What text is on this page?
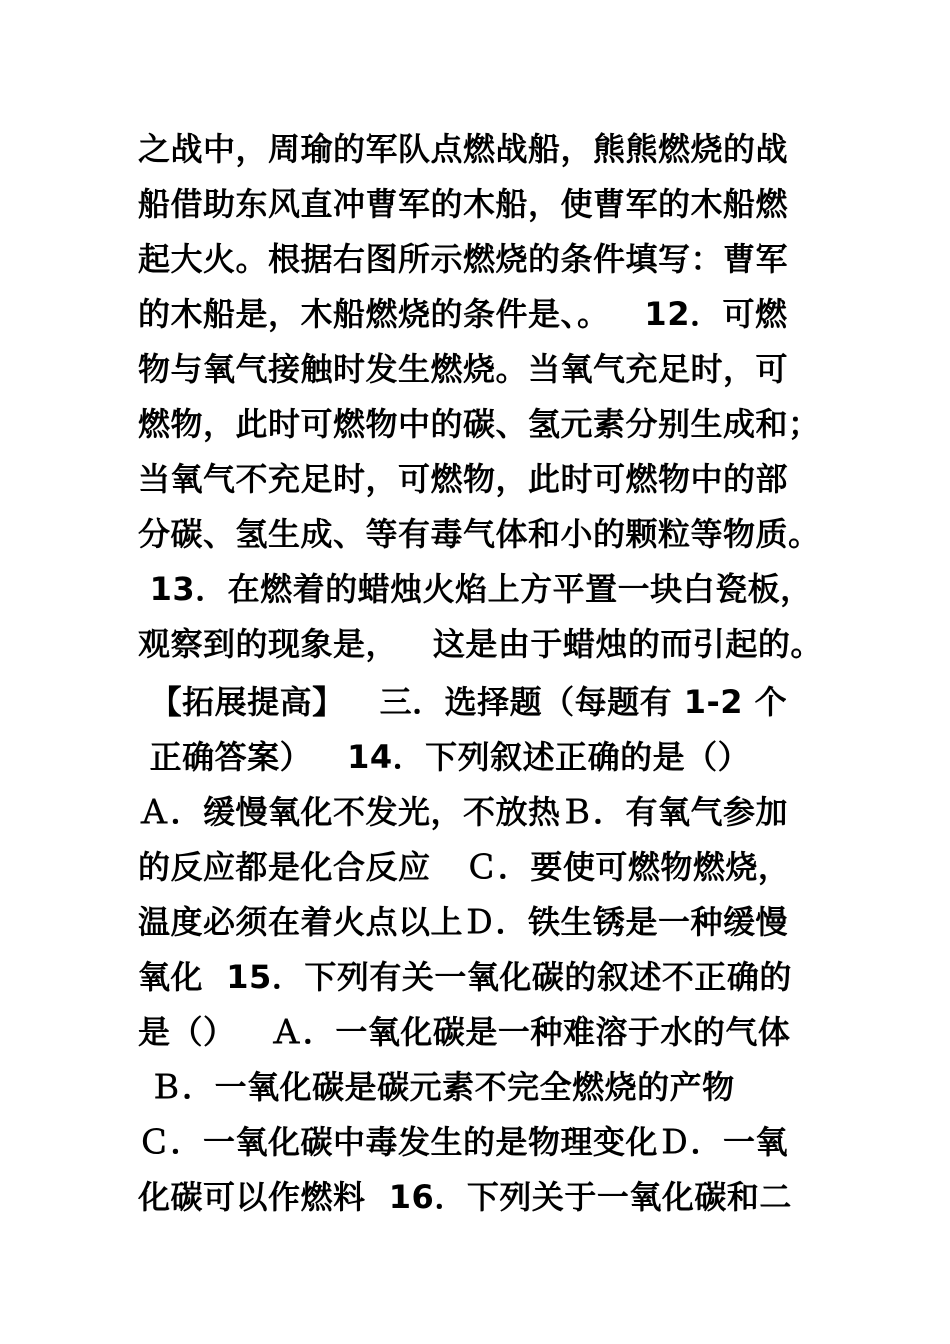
之战中，周瑜的军队点燃战船，熊熊燃烧的战
船借助东风直冲曹军的木船，使曹军的木船燃
起大火。根据右图所示燃烧的条件填写：曹军
的木船是，木船燃烧的条件是、。   12．可燃
物与氧气接触时发生燃烧。当氧气充足时，可
燃物，此时可燃物中的碳、氢元素分别生成和；
当氧气不充足时，可燃物，此时可燃物中的部
分碳、氢生成、等有毒气体和小的颗粒等物质。
13．在燃着的蜡烛火焰上方平置一块白瓷板，
观察到的现象是，   这是由于蜡烛的而引起的。
【拓展提高】   三．选择题（每题有 1-2 个
正确答案）   14．下列叙述正确的是（）
Ａ．缓慢氧化不发光，不放热Ｂ．有氧气参加
的反应都是化合反应   Ｃ．要使可燃物燃烧，
温度必须在着火点以上Ｄ．铁生锈是一种缓慢
氧化  15．下列有关一氧化碳的叙述不正确的
是（）   Ａ．一氧化碳是一种难溶于水的气体
Ｂ．一氧化碳是碳元素不完全燃烧的产物
Ｃ．一氧化碳中毒发生的是物理变化Ｄ．一氧
化碳可以作燃料  16．下列关于一氧化碳和二
